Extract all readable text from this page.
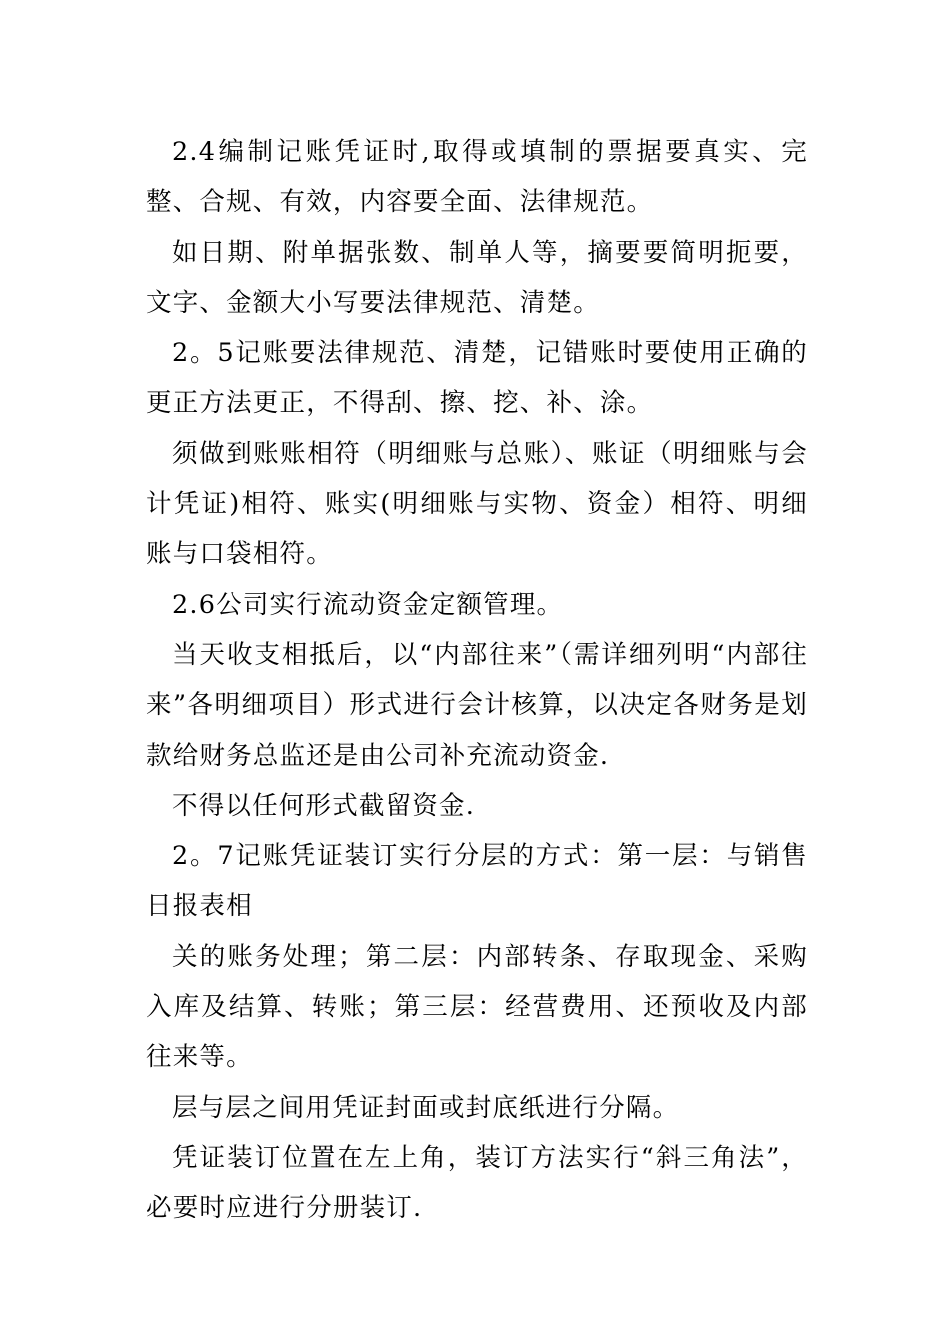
2.4编制记账凭证时,取得或填制的票据要真实、完整、合规、有效，内容要全面、法律规范。

如日期、附单据张数、制单人等，摘要要简明扼要，文字、金额大小写要法律规范、清楚。

2。5记账要法律规范、清楚，记错账时要使用正确的更正方法更正，不得刮、擦、挖、补、涂。

须做到账账相符（明细账与总账）、账证（明细账与会计凭证)相符、账实(明细账与实物、资金）相符、明细账与口袋相符。

2.6公司实行流动资金定额管理。

当天收支相抵后，以“内部往来”（需详细列明“内部往来”各明细项目）形式进行会计核算，以决定各财务是划款给财务总监还是由公司补充流动资金.

不得以任何形式截留资金.

2。7记账凭证装订实行分层的方式：第一层：与销售日报表相

关的账务处理；第二层：内部转条、存取现金、采购入库及结算、转账；第三层：经营费用、还预收及内部往来等。

层与层之间用凭证封面或封底纸进行分隔。

凭证装订位置在左上角，装订方法实行“斜三角法”，必要时应进行分册装订.
